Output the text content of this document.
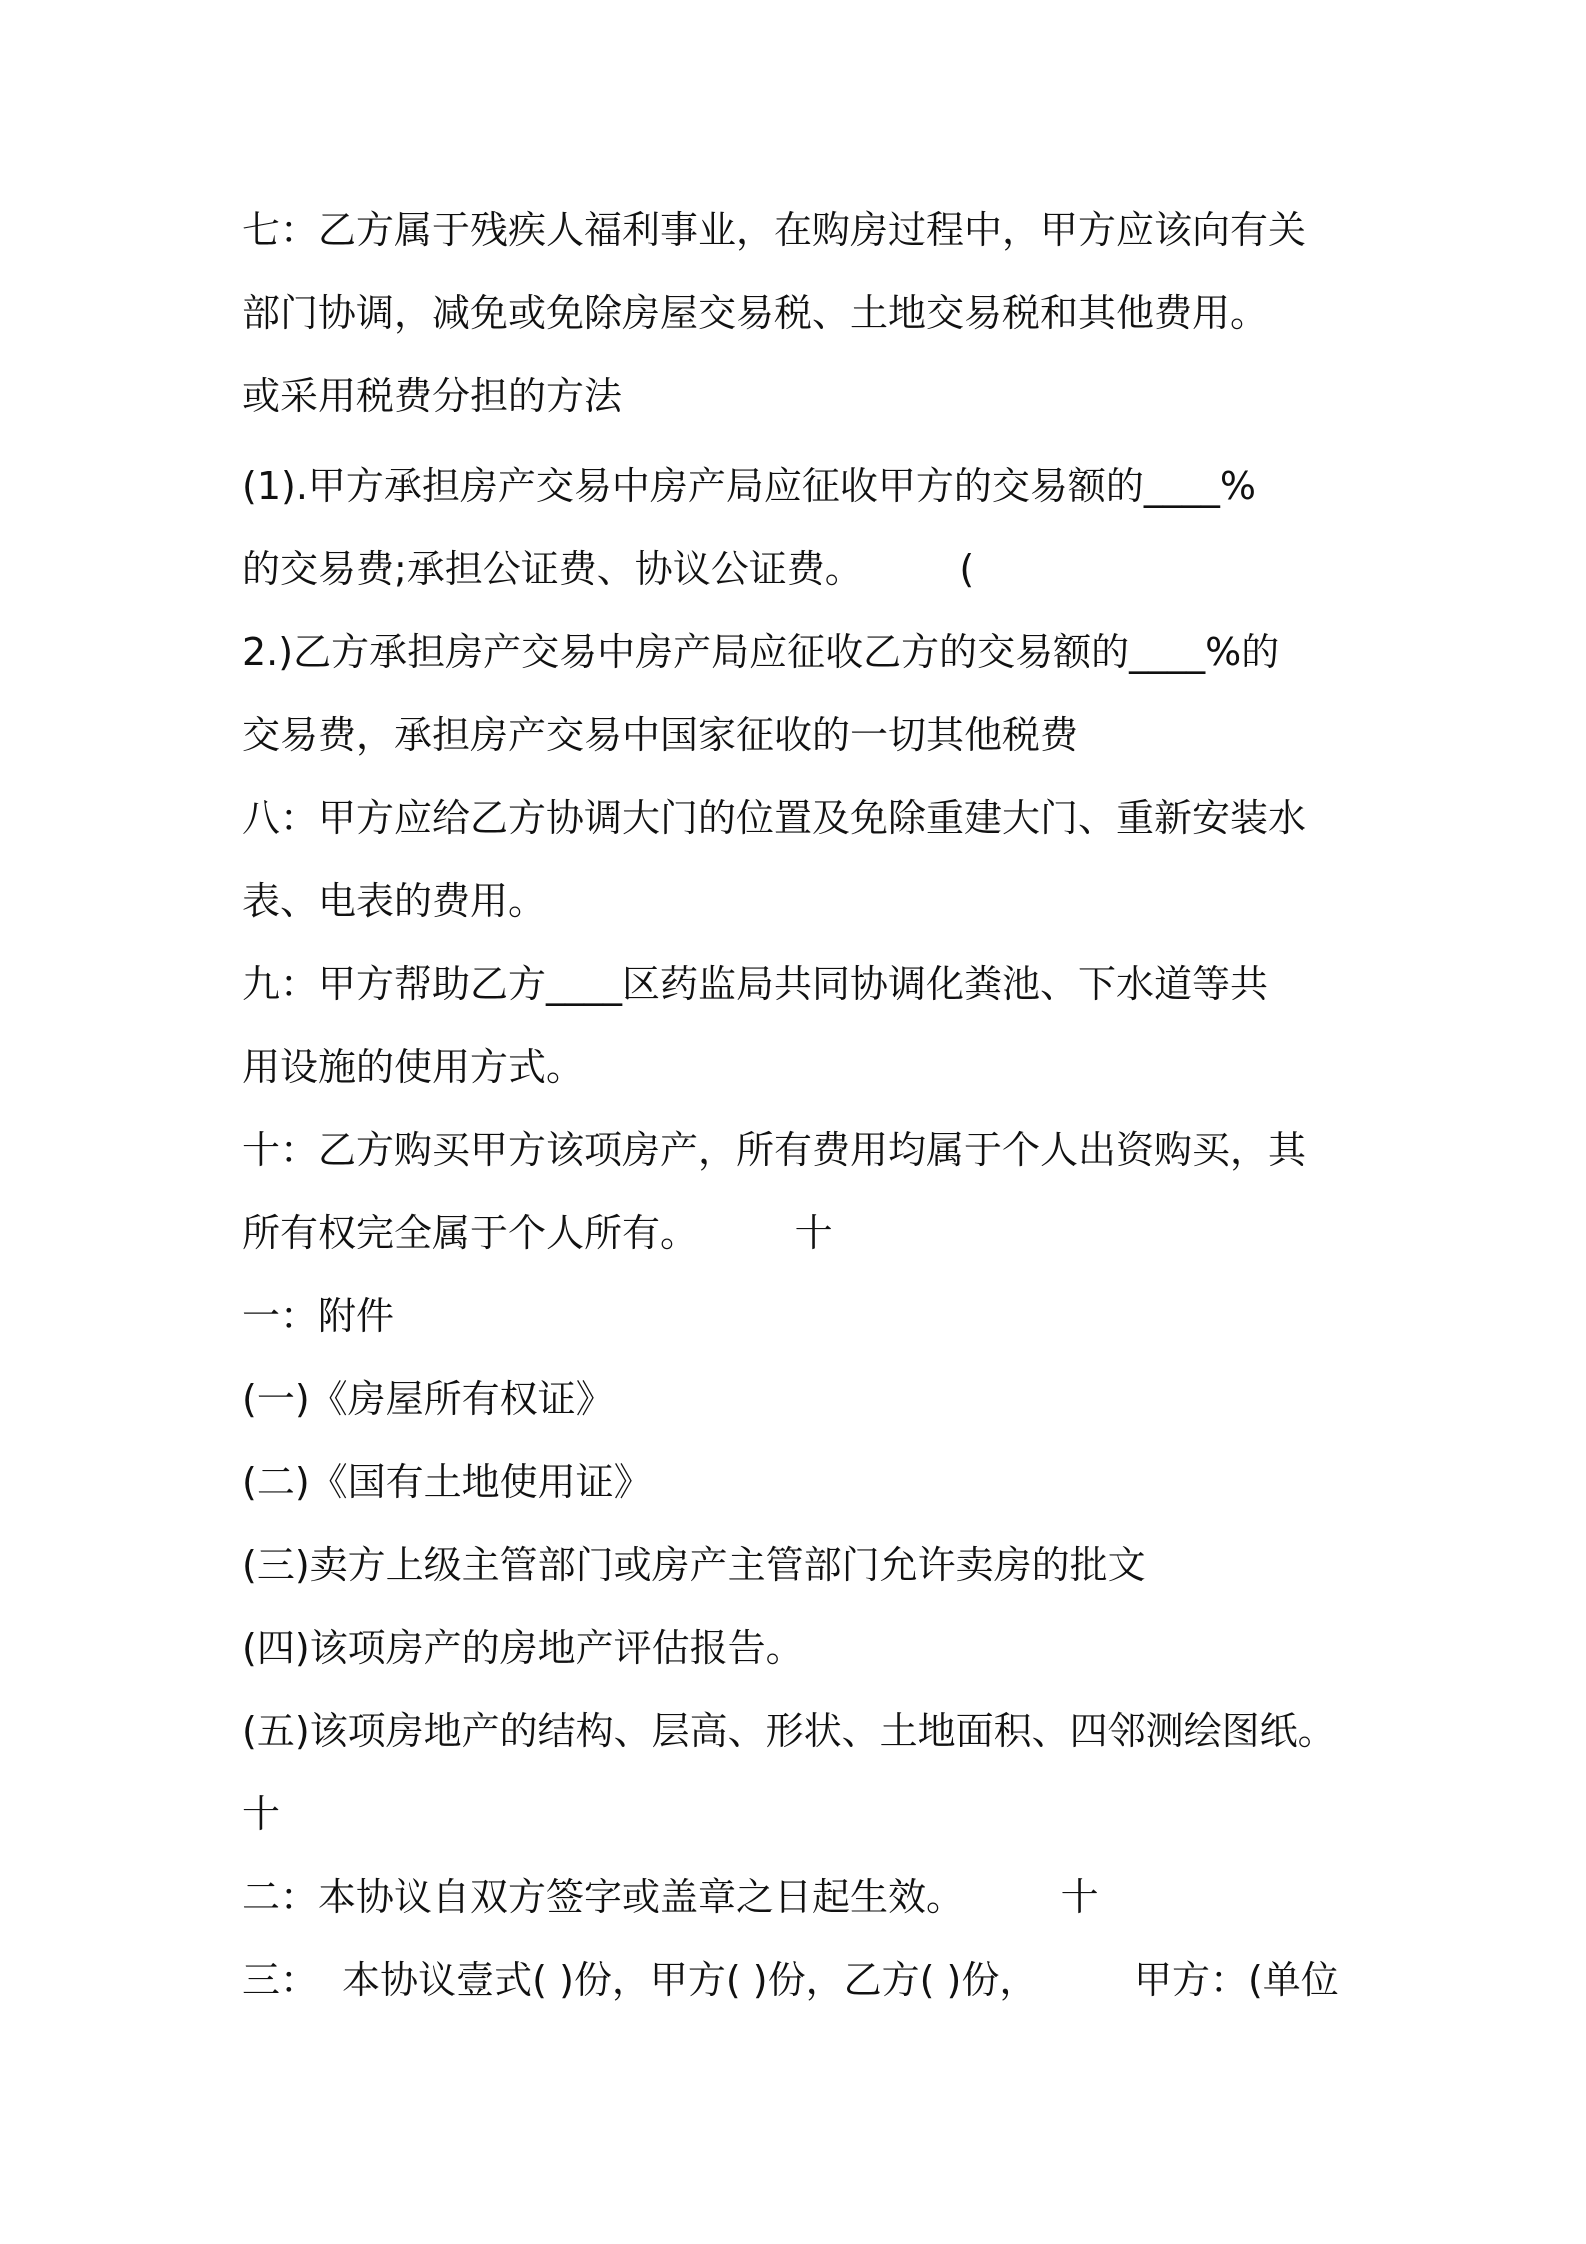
七：乙方属于残疾人福利事业，在购房过程中，甲方应该向有关
部门协调，减免或免除房屋交易税、土地交易税和其他费用。
或采用税费分担的方法
(1).甲方承担房产交易中房产局应征收甲方的交易额的____%
的交易费;承担公证费、协议公证费。        (
2.)乙方承担房产交易中房产局应征收乙方的交易额的____%的
交易费，承担房产交易中国家征收的一切其他税费
八：甲方应给乙方协调大门的位置及免除重建大门、重新安装水
表、电表的费用。
九：甲方帮助乙方____区药监局共同协调化粪池、下水道等共
用设施的使用方式。
十：乙方购买甲方该项房产，所有费用均属于个人出资购买，其
所有权完全属于个人所有。        十
一：附件
(一)《房屋所有权证》
(二)《国有土地使用证》
(三)卖方上级主管部门或房产主管部门允许卖房的批文
(四)该项房产的房地产评估报告。
(五)该项房地产的结构、层高、形状、土地面积、四邻测绘图纸。
十
二：本协议自双方签字或盖章之日起生效。        十
三：  本协议壹式( )份，甲方( )份，乙方( )份，        甲方：(单位
